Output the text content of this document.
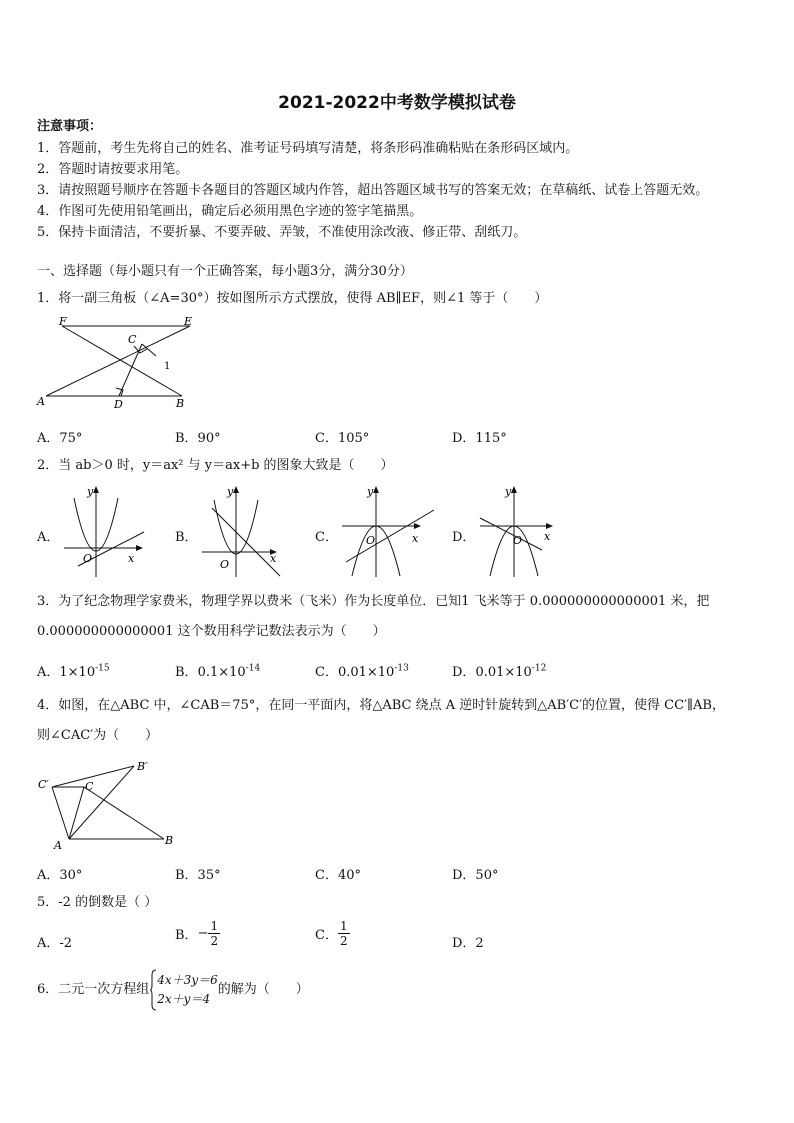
2021-2022中考数学模拟试卷
注意事项：
1．答题前，考生先将自己的姓名、准考证号码填写清楚，将条形码准确粘贴在条形码区域内。
2．答题时请按要求用笔。
3．请按照题号顺序在答题卡各题目的答题区域内作答，超出答题区域书写的答案无效；在草稿纸、试卷上答题无效。
4．作图可先使用铅笔画出，确定后必须用黑色字迹的签字笔描黑。
5．保持卡面清洁，不要折暴、不要弄破、弄皱，不准使用涂改液、修正带、刮纸刀。
一、选择题（每小题只有一个正确答案，每小题3分，满分30分）
1．将一副三角板（∠A=30°）按如图所示方式摆放，使得 AB∥EF，则∠1 等于（　　）
F	E
C
1
A	D	B
A．75°	B．90°	C．105°	D．115°
2．当 ab＞0 时，y＝ax² 与 y＝ax+b 的图象大致是（　　）
A．
y
x
O
B．
y
x
O
C．
y
x
O	D．
y
x
O
3．为了纪念物理学家费米，物理学界以费米（飞米）作为长度单位．已知1 飞米等于 0.000000000000001 米，把
0.000000000000001 这个数用科学记数法表示为（　　）
A．$1\times 10^{-15}$	B．$0.1\times 10^{-14}$	C．$0.01\times 10^{-13}$	D．$0.01\times 10^{-12}$
4．如图，在△ABC 中，∠CAB＝75°，在同一平面内，将△ABC 绕点 A 逆时针旋转到△AB′C′的位置，使得 CC′∥AB，
则∠CAC′为（　　）
C′
B′
C
A	B
A．30°	B．35°	C．40°	D．50°
5．-2 的倒数是（ ）
A．-2
B．− $\frac{1}{2}$	C． $\frac{1}{2}$	D．2
6．二元一次方程组
4x＋3y＝6
2x＋y＝4
的解为（　　）
